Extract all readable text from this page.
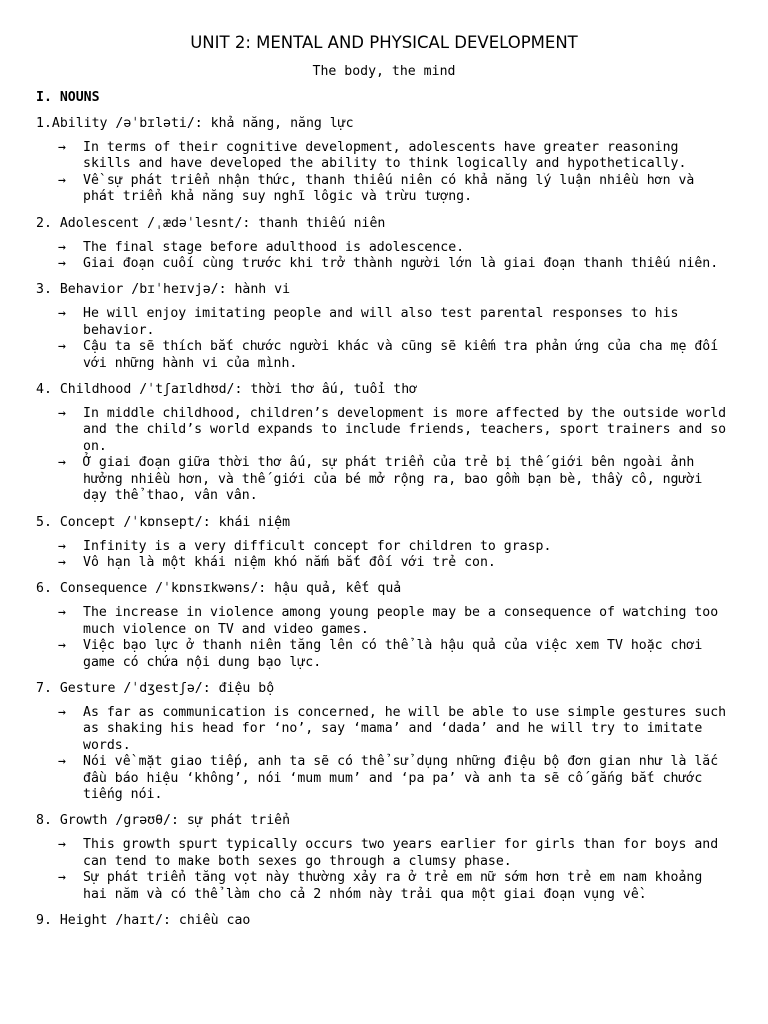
UNIT 2: MENTAL AND PHYSICAL DEVELOPMENT
The body, the mind
I. NOUNS
1.Ability /əˈbɪləti/: khả năng, năng lực
→ In terms of their cognitive development, adolescents have greater reasoning skills and have developed the ability to think logically and hypothetically.
→ Về sự phát triển nhận thức, thanh thiếu niên có khả năng lý luận nhiều hơn và phát triển khả năng suy nghĩ lôgic và trừu tượng.
2. Adolescent /ˌædəˈlesnt/: thanh thiếu niên
→ The final stage before adulthood is adolescence.
→ Giai đoạn cuối cùng trước khi trở thành người lớn là giai đoạn thanh thiếu niên.
3. Behavior /bɪˈheɪvjə/: hành vi
→ He will enjoy imitating people and will also test parental responses to his behavior.
→ Cậu ta sẽ thích bắt chước người khác và cũng sẽ kiếm tra phản ứng của cha mẹ đối với những hành vi của mình.
4. Childhood /ˈtʃaɪldhʊd/: thời thơ ấu, tuổi thơ
→ In middle childhood, children’s development is more affected by the outside world and the child’s world expands to include friends, teachers, sport trainers and so on.
→ Ở giai đoạn giữa thời thơ ấu, sự phát triển của trẻ bị thế giới bên ngoài ảnh hưởng nhiều hơn, và thế giới của bé mở rộng ra, bao gồm bạn bè, thầy cô, người dạy thể thao, vân vân.
5. Concept /ˈkɒnsept/: khái niệm
→ Infinity is a very difficult concept for children to grasp.
→ Vô hạn là một khái niệm khó nắm bắt đối với trẻ con.
6. Consequence /ˈkɒnsɪkwəns/: hậu quả, kết quả
→ The increase in violence among young people may be a consequence of watching too much violence on TV and video games.
→ Việc bạo lực ở thanh niên tăng lên có thể là hậu quả của việc xem TV hoặc chơi game có chứa nội dung bạo lực.
7. Gesture /ˈdʒestʃə/: điệu bộ
→ As far as communication is concerned, he will be able to use simple gestures such as shaking his head for ‘no’, say ‘mama’ and ‘dada’ and he will try to imitate words.
→ Nói về mặt giao tiếp, anh ta sẽ có thể sử dụng những điệu bộ đơn gian như là lắc đầu báo hiệu ‘không’, nói ‘mum mum’ and ‘pa pa’ và anh ta sẽ cố gắng bắt chước tiếng nói.
8. Growth /grəʊθ/: sự phát triển
→ This growth spurt typically occurs two years earlier for girls than for boys and can tend to make both sexes go through a clumsy phase.
→ Sự phát triển tăng vọt này thường xảy ra ở trẻ em nữ sớm hơn trẻ em nam khoảng hai năm và có thể làm cho cả 2 nhóm này trải qua một giai đoạn vụng về.
9. Height /haɪt/: chiều cao
